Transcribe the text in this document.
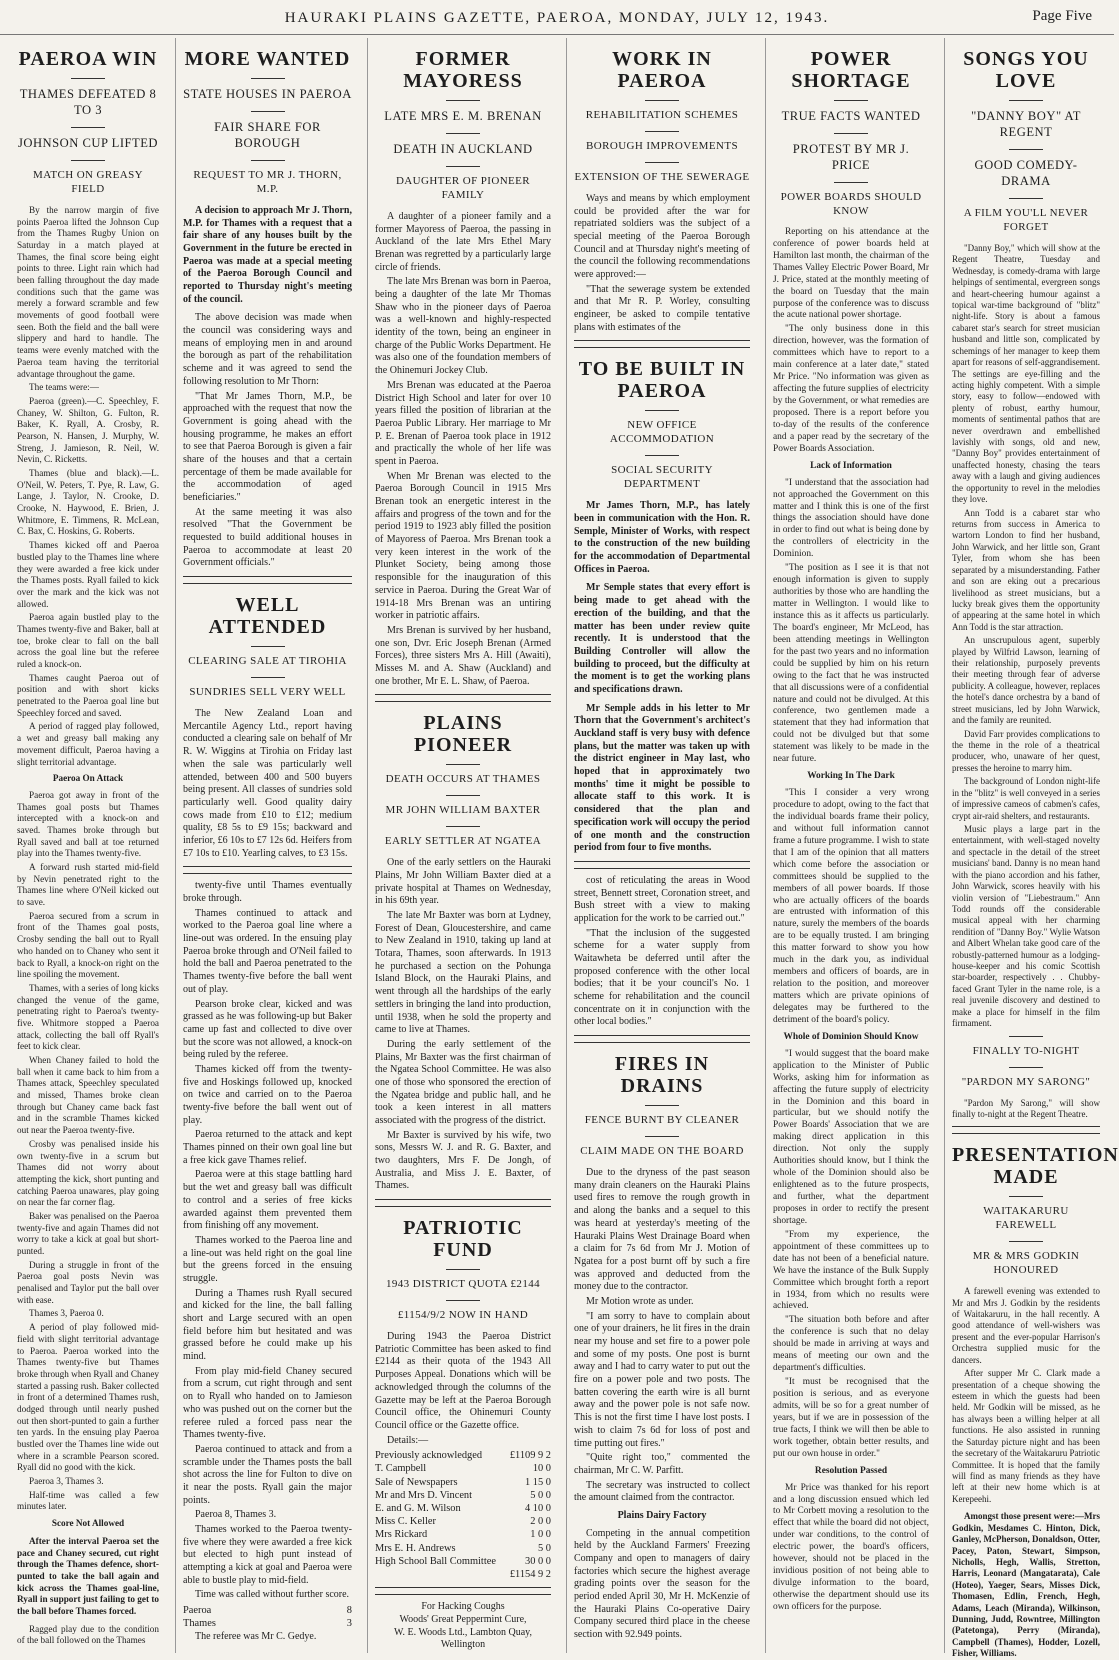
HAURAKI PLAINS GAZETTE, PAEROA, MONDAY, JULY 12, 1943.	Page Five
PAEROA WIN
THAMES DEFEATED 8 TO 3
JOHNSON CUP LIFTED
MATCH ON GREASY FIELD

By the narrow margin of five points Paeroa lifted the Johnson Cup from the Thames Rugby Union on Saturday in a match played at Thames, the final score being eight points to three. Light rain which had been falling throughout the day made conditions such that the game was merely a forward scramble and few movements of good football were seen. Both the field and the ball were slippery and hard to handle. The teams were evenly matched with the Paeroa team having the territorial advantage throughout the game.

The teams were:—

Paeroa (green).—C. Speechley, F. Chaney, W. Shilton, G. Fulton, R. Baker, K. Ryall, A. Crosby, R. Pearson, N. Hansen, J. Murphy, W. Streng, J. Jamieson, R. Neil, W. Nevin, C. Ricketts.

Thames (blue and black).—L. O'Neil, W. Peters, T. Pye, R. Law, G. Lange, J. Taylor, N. Crooke, D. Crooke, N. Haywood, E. Brien, J. Whitmore, E. Timmens, R. McLean, C. Bax, C. Hoskins, G. Roberts.

Thames kicked off and Paeroa bustled play to the Thames line where they were awarded a free kick under the Thames posts. Ryall failed to kick over the mark and the kick was not allowed.

Paeroa again bustled play to the Thames twenty-five and Baker, ball at toe, broke clear to fall on the ball across the goal line but the referee ruled a knock-on.

Thames caught Paeroa out of position and with short kicks penetrated to the Paeroa goal line but Speechley forced and saved.

A period of ragged play followed, a wet and greasy ball making any movement difficult, Paeroa having a slight territorial advantage.

Paeroa On Attack

Paeroa got away in front of the Thames goal posts but Thames intercepted with a knock-on and saved. Thames broke through but Ryall saved and ball at toe returned play into the Thames twenty-five.

A forward rush started mid-field by Nevin penetrated right to the Thames line where O'Neil kicked out to save.

Paeroa secured from a scrum in front of the Thames goal posts, Crosby sending the ball out to Ryall who handed on to Chaney who sent it back to Ryall, a knock-on right on the line spoiling the movement.

Thames, with a series of long kicks changed the venue of the game, penetrating right to Paeroa's twenty-five. Whitmore stopped a Paeroa attack, collecting the ball off Ryall's feet to kick clear.

When Chaney failed to hold the ball when it came back to him from a Thames attack, Speechley speculated and missed, Thames broke clean through but Chaney came back fast and in the scramble Thames kicked out near the Paeroa twenty-five.

Crosby was penalised inside his own twenty-five in a scrum but Thames did not worry about attempting the kick, short punting and catching Paeroa unawares, play going on near the far corner flag.

Baker was penalised on the Paeroa twenty-five and again Thames did not worry to take a kick at goal but short-punted.

During a struggle in front of the Paeroa goal posts Nevin was penalised and Taylor put the ball over with ease.

Thames 3, Paeroa 0.

A period of play followed mid-field with slight territorial advantage to Paeroa. Paeroa worked into the Thames twenty-five but Thames broke through when Ryall and Chaney started a passing rush. Baker collected in front of a determined Thames rush, dodged through until nearly pushed out then short-punted to gain a further ten yards. In the ensuing play Paeroa bustled over the Thames line wide out where in a scramble Pearson scored. Ryall did no good with the kick.

Paeroa 3, Thames 3.

Half-time was called a few minutes later.

Score Not Allowed

After the interval Paeroa set the pace and Chaney secured, cut right through the Thames defence, short-punted to take the ball again and kick across the Thames goal-line, Ryall in support just failing to get to the ball before Thames forced.

Ragged play due to the condition of the ball followed on the Thames

MORE WANTED
STATE HOUSES IN PAEROA
FAIR SHARE FOR BOROUGH
REQUEST TO MR J. THORN, M.P.

A decision to approach Mr J. Thorn, M.P. for Thames with a request that a fair share of any houses built by the Government in the future be erected in Paeroa was made at a special meeting of the Paeroa Borough Council and reported to Thursday night's meeting of the council.

The above decision was made when the council was considering ways and means of employing men in and around the borough as part of the rehabilitation scheme and it was agreed to send the following resolution to Mr Thorn:

"That Mr James Thorn, M.P., be approached with the request that now the Government is going ahead with the housing programme, he makes an effort to see that Paeroa Borough is given a fair share of the houses and that a certain percentage of them be made available for the accommodation of aged beneficiaries."

At the same meeting it was also resolved "That the Government be requested to build additional houses in Paeroa to accommodate at least 20 Government officials."

WELL ATTENDED
CLEARING SALE AT TIROHIA
SUNDRIES SELL VERY WELL

The New Zealand Loan and Mercantile Agency Ltd., report having conducted a clearing sale on behalf of Mr R. W. Wiggins at Tirohia on Friday last when the sale was particularly well attended, between 400 and 500 buyers being present. All classes of sundries sold particularly well. Good quality dairy cows made from £10 to £12; medium quality, £8 5s to £9 15s; backward and inferior, £6 10s to £7 12s 6d. Heifers from £7 10s to £10. Yearling calves, to £3 15s.

twenty-five until Thames eventually broke through.

Thames continued to attack and worked to the Paeroa goal line where a line-out was ordered. In the ensuing play Paeroa broke through and O'Neil failed to hold the ball and Paeroa penetrated to the Thames twenty-five before the ball went out of play.

Pearson broke clear, kicked and was grassed as he was following-up but Baker came up fast and collected to dive over but the score was not allowed, a knock-on being ruled by the referee.

Thames kicked off from the twenty-five and Hoskings followed up, knocked on twice and carried on to the Paeroa twenty-five before the ball went out of play.

Paeroa returned to the attack and kept Thames pinned on their own goal line but a free kick gave Thames relief.

Paeroa were at this stage battling hard but the wet and greasy ball was difficult to control and a series of free kicks awarded against them prevented them from finishing off any movement.

Thames worked to the Paeroa line and a line-out was held right on the goal line but the greens forced in the ensuing struggle.

During a Thames rush Ryall secured and kicked for the line, the ball falling short and Large secured with an open field before him but hesitated and was grassed before he could make up his mind.

From play mid-field Chaney secured from a scrum, cut right through and sent on to Ryall who handed on to Jamieson who was pushed out on the corner but the referee ruled a forced pass near the Thames twenty-five.

Paeroa continued to attack and from a scramble under the Thames posts the ball shot across the line for Fulton to dive on it near the posts. Ryall gain the major points.

Paeroa 8, Thames 3.

Thames worked to the Paeroa twenty-five where they were awarded a free kick but elected to high punt instead of attempting a kick at goal and Paeroa were able to bustle play to mid-field.

Time was called without further score.

Paeroa	8
Thames	3

The referee was Mr C. Gedye.

FORMER MAYORESS
LATE MRS E. M. BRENAN
DEATH IN AUCKLAND
DAUGHTER OF PIONEER FAMILY

A daughter of a pioneer family and a former Mayoress of Paeroa, the passing in Auckland of the late Mrs Ethel Mary Brenan was regretted by a particularly large circle of friends.

The late Mrs Brenan was born in Paeroa, being a daughter of the late Mr Thomas Shaw who in the pioneer days of Paeroa was a well-known and highly-respected identity of the town, being an engineer in charge of the Public Works Department. He was also one of the foundation members of the Ohinemuri Jockey Club.

Mrs Brenan was educated at the Paeroa District High School and later for over 10 years filled the position of librarian at the Paeroa Public Library. Her marriage to Mr P. E. Brenan of Paeroa took place in 1912 and practically the whole of her life was spent in Paeroa.

When Mr Brenan was elected to the Paeroa Borough Council in 1915 Mrs Brenan took an energetic interest in the affairs and progress of the town and for the period 1919 to 1923 ably filled the position of Mayoress of Paeroa. Mrs Brenan took a very keen interest in the work of the Plunket Society, being among those responsible for the inauguration of this service in Paeroa. During the Great War of 1914-18 Mrs Brenan was an untiring worker in patriotic affairs.

Mrs Brenan is survived by her husband, one son, Dvr. Eric Joseph Brenan (Armed Forces), three sisters Mrs A. Hill (Awaiti), Misses M. and A. Shaw (Auckland) and one brother, Mr E. L. Shaw, of Paeroa.

PLAINS PIONEER
DEATH OCCURS AT THAMES
MR JOHN WILLIAM BAXTER
EARLY SETTLER AT NGATEA

One of the early settlers on the Hauraki Plains, Mr John William Baxter died at a private hospital at Thames on Wednesday, in his 69th year.

The late Mr Baxter was born at Lydney, Forest of Dean, Gloucestershire, and came to New Zealand in 1910, taking up land at Totara, Thames, soon afterwards. In 1913 he purchased a section on the Pohunga Island Block, on the Hauraki Plains, and went through all the hardships of the early settlers in bringing the land into production, until 1938, when he sold the property and came to live at Thames.

During the early settlement of the Plains, Mr Baxter was the first chairman of the Ngatea School Committee. He was also one of those who sponsored the erection of the Ngatea bridge and public hall, and he took a keen interest in all matters associated with the progress of the district.

Mr Baxter is survived by his wife, two sons, Messrs W. J. and R. G. Baxter, and two daughters, Mrs F. De Jongh, of Australia, and Miss J. E. Baxter, of Thames.

PATRIOTIC FUND
1943 DISTRICT QUOTA £2144
£1154/9/2 NOW IN HAND

During 1943 the Paeroa District Patriotic Committee has been asked to find £2144 as their quota of the 1943 All Purposes Appeal. Donations which will be acknowledged through the columns of the Gazette may be left at the Paeroa Borough Council office, the Ohinemuri County Council office or the Gazette office.

Details:—

Previously acknowledged	£1109 9 2
T. Campbell	10 0
Sale of Newspapers	1 15 0
Mr and Mrs D. Vincent	5 0 0
E. and G. M. Wilson	4 10 0
Miss C. Keller	2 0 0
Mrs Rickard	1 0 0
Mrs E. H. Andrews	5 0
High School Ball Committee	30 0 0
	£1154 9 2
For Hacking Coughs
Woods' Great Peppermint Cure,
W. E. Woods Ltd., Lambton Quay,
Wellington
WORK IN PAEROA
REHABILITATION SCHEMES
BOROUGH IMPROVEMENTS
EXTENSION OF THE SEWERAGE

Ways and means by which employment could be provided after the war for repatriated soldiers was the subject of a special meeting of the Paeroa Borough Council and at Thursday night's meeting of the council the following recommendations were approved:—

"That the sewerage system be extended and that Mr R. P. Worley, consulting engineer, be asked to compile tentative plans with estimates of the

TO BE BUILT IN PAEROA
NEW OFFICE ACCOMMODATION
SOCIAL SECURITY DEPARTMENT

Mr James Thorn, M.P., has lately been in communication with the Hon. R. Semple, Minister of Works, with respect to the construction of the new building for the accommodation of Departmental Offices in Paeroa.

Mr Semple states that every effort is being made to get ahead with the erection of the building, and that the matter has been under review quite recently. It is understood that the Building Controller will allow the building to proceed, but the difficulty at the moment is to get the working plans and specifications drawn.

Mr Semple adds in his letter to Mr Thorn that the Government's architect's Auckland staff is very busy with defence plans, but the matter was taken up with the district engineer in May last, who hoped that in approximately two months' time it might be possible to allocate staff to this work. It is considered that the plan and specification work will occupy the period of one month and the construction period from four to five months.

cost of reticulating the areas in Wood street, Bennett street, Coronation street, and Bush street with a view to making application for the work to be carried out."

"That the inclusion of the suggested scheme for a water supply from Waitawheta be deferred until after the proposed conference with the other local bodies; that it be your council's No. 1 scheme for rehabilitation and the council concentrate on it in conjunction with the other local bodies."

FIRES IN DRAINS
FENCE BURNT BY CLEANER
CLAIM MADE ON THE BOARD

Due to the dryness of the past season many drain cleaners on the Hauraki Plains used fires to remove the rough growth in and along the banks and a sequel to this was heard at yesterday's meeting of the Hauraki Plains West Drainage Board when a claim for 7s 6d from Mr J. Motion of Ngatea for a post burnt off by such a fire was approved and deducted from the money due to the contractor.

Mr Motion wrote as under.

"I am sorry to have to complain about one of your drainers, he lit fires in the drain near my house and set fire to a power pole and some of my posts. One post is burnt away and I had to carry water to put out the fire on a power pole and two posts. The batten covering the earth wire is all burnt away and the power pole is not safe now. This is not the first time I have lost posts. I wish to claim 7s 6d for loss of post and time putting out fires."

"Quite right too," commented the chairman, Mr C. W. Parfitt.

The secretary was instructed to collect the amount claimed from the contractor.

Plains Dairy Factory

Competing in the annual competition held by the Auckland Farmers' Freezing Company and open to managers of dairy factories which secure the highest average grading points over the season for the period ended April 30, Mr H. McKenzie of the Hauraki Plains Co-operative Dairy Company secured third place in the cheese section with 92.949 points.

POWER SHORTAGE
TRUE FACTS WANTED
PROTEST BY MR J. PRICE
POWER BOARDS SHOULD KNOW

Reporting on his attendance at the conference of power boards held at Hamilton last month, the chairman of the Thames Valley Electric Power Board, Mr J. Price, stated at the monthly meeting of the board on Tuesday that the main purpose of the conference was to discuss the acute national power shortage.

"The only business done in this direction, however, was the formation of committees which have to report to a main conference at a later date," stated Mr Price. "No information was given as affecting the future supplies of electricity by the Government, or what remedies are proposed. There is a report before you to-day of the results of the conference and a paper read by the secretary of the Power Boards Association.

Lack of Information

"I understand that the association had not approached the Government on this matter and I think this is one of the first things the association should have done in order to find out what is being done by the controllers of electricity in the Dominion.

"The position as I see it is that not enough information is given to supply authorities by those who are handling the matter in Wellington. I would like to instance this as it affects us particularly. The board's engineer, Mr McLeod, has been attending meetings in Wellington for the past two years and no information could be supplied by him on his return owing to the fact that he was instructed that all discussions were of a confidential nature and could not be divulged. At this conference, two gentlemen made a statement that they had information that could not be divulged but that some statement was likely to be made in the near future.

Working In The Dark

"This I consider a very wrong procedure to adopt, owing to the fact that the individual boards frame their policy, and without full information cannot frame a future programme. I wish to state that I am of the opinion that all matters which come before the association or committees should be supplied to the members of all power boards. If those who are actually officers of the boards are entrusted with information of this nature, surely the members of the boards are to be equally trusted. I am bringing this matter forward to show you how much in the dark you, as individual members and officers of boards, are in relation to the position, and moreover matters which are private opinions of delegates may be furthered to the detriment of the board's policy.

Whole of Dominion Should Know

"I would suggest that the board make application to the Minister of Public Works, asking him for information as affecting the future supply of electricity in the Dominion and this board in particular, but we should notify the Power Boards' Association that we are making direct application in this direction. Not only the supply Authorities should know, but I think the whole of the Dominion should also be enlightened as to the future prospects, and further, what the department proposes in order to rectify the present shortage.

"From my experience, the appointment of these committees up to date has not been of a beneficial nature. We have the instance of the Bulk Supply Committee which brought forth a report in 1934, from which no results were achieved.

"The situation both before and after the conference is such that no delay should be made in arriving at ways and means of meeting our own and the department's difficulties.

"It must be recognised that the position is serious, and as everyone admits, will be so for a great number of years, but if we are in possession of the true facts, I think we will then be able to work together, obtain better results, and put our own house in order."

Resolution Passed

Mr Price was thanked for his report and a long discussion ensued which led to Mr Corbett moving a resolution to the effect that while the board did not object, under war conditions, to the control of electric power, the board's officers, however, should not be placed in the invidious position of not being able to divulge information to the board, otherwise the department should use its own officers for the purpose.

SONGS YOU LOVE
"DANNY BOY" AT REGENT
GOOD COMEDY-DRAMA
A FILM YOU'LL NEVER FORGET

"Danny Boy," which will show at the Regent Theatre, Tuesday and Wednesday, is comedy-drama with large helpings of sentimental, evergreen songs and heart-cheering humour against a topical war-time background of "blitz" night-life. Story is about a famous cabaret star's search for street musician husband and little son, complicated by schemings of her manager to keep them apart for reasons of self-aggrandisement. The settings are eye-filling and the acting highly competent. With a simple story, easy to follow—endowed with plenty of robust, earthy humour, moments of sentimental pathos that are never overdrawn and embellished lavishly with songs, old and new, "Danny Boy" provides entertainment of unaffected honesty, chasing the tears away with a laugh and giving audiences the opportunity to revel in the melodies they love.

Ann Todd is a cabaret star who returns from success in America to wartorn London to find her husband, John Warwick, and her little son, Grant Tyler, from whom she has been separated by a misunderstanding. Father and son are eking out a precarious livelihood as street musicians, but a lucky break gives them the opportunity of appearing at the same hotel in which Ann Todd is the star attraction.

An unscrupulous agent, superbly played by Wilfrid Lawson, learning of their relationship, purposely prevents their meeting through fear of adverse publicity. A colleague, however, replaces the hotel's dance orchestra by a band of street musicians, led by John Warwick, and the family are reunited.

David Farr provides complications to the theme in the role of a theatrical producer, who, unaware of her quest, presses the heroine to marry him.

The background of London night-life in the "blitz" is well conveyed in a series of impressive cameos of cabmen's cafes, crypt air-raid shelters, and restaurants.

Music plays a large part in the entertainment, with well-staged novelty and spectacle in the detail of the street musicians' band. Danny is no mean hand with the piano accordion and his father, John Warwick, scores heavily with his violin version of "Liebestraum." Ann Todd rounds off the considerable musical appeal with her charming rendition of "Danny Boy." Wylie Watson and Albert Whelan take good care of the robustly-patterned humour as a lodging-house-keeper and his comic Scottish star-boarder, respectively . . Chubby-faced Grant Tyler in the name role, is a real juvenile discovery and destined to make a place for himself in the film firmament.

FINALLY TO-NIGHT
"PARDON MY SARONG"

"Pardon My Sarong," will show finally to-night at the Regent Theatre.

PRESENTATION MADE
WAITAKARURU FAREWELL
MR & MRS GODKIN HONOURED

A farewell evening was extended to Mr and Mrs J. Godkin by the residents of Waitakaruru, in the hall recently. A good attendance of well-wishers was present and the ever-popular Harrison's Orchestra supplied music for the dancers.

After supper Mr C. Clark made a presentation of a cheque showing the esteem in which the guests had been held. Mr Godkin will be missed, as he has always been a willing helper at all functions. He also assisted in running the Saturday picture night and has been the secretary of the Waitakaruru Patriotic Committee. It is hoped that the family will find as many friends as they have left at their new home which is at Kerepeehi.

Amongst those present were:—Mrs Godkin, Mesdames C. Hinton, Dick, Ganley, McPherson, Donaldson, Otter, Pacey, Paton, Stewart, Simpson, Nicholls, Hegh, Wallis, Stretton, Harris, Leonard (Mangatarata), Cale (Hoteo), Yaeger, Sears, Misses Dick, Thomasen, Edlin, French, Hegh, Adams, Leach (Miranda), Wilkinson, Dunning, Judd, Rowntree, Millington (Patetonga), Perry (Miranda), Campbell (Thames), Hodder, Lozell, Fisher, Williams.
